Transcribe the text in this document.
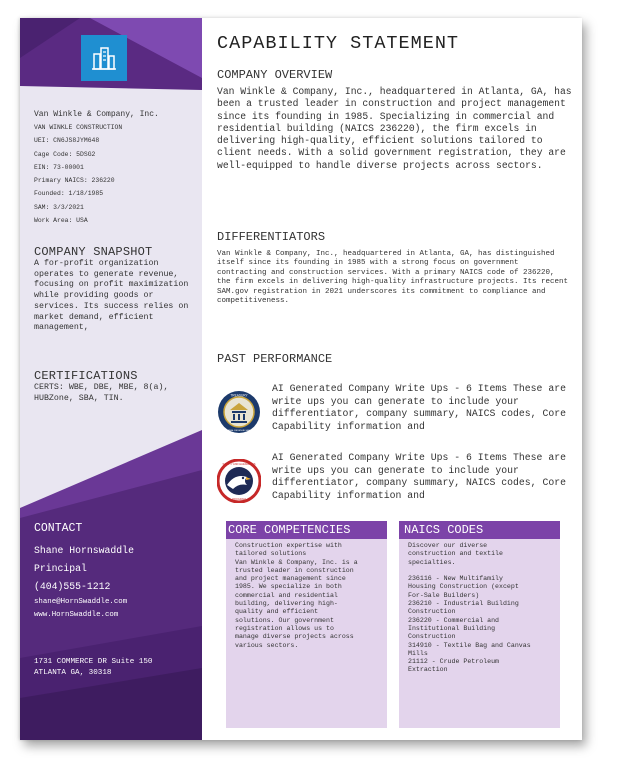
Van Winkle & Company, Inc.
VAN WINKLE CONSTRUCTION
UEI: CN6JS8JYM648
Cage Code: 5DSG2
EIN: 73-00001
Primary NAICS: 236220
Founded: 1/18/1985
SAM: 3/3/2021
Work Area: USA
COMPANY SNAPSHOT
A for-profit organization operates to generate revenue, focusing on profit maximization while providing goods or services. Its success relies on market demand, efficient management,
CERTIFICATIONS
CERTS: WBE, DBE, MBE, 8(a), HUBZone, SBA, TIN.
CONTACT
Shane Hornswaddle
Principal
(404)555-1212
shane@HornSwaddle.com
www.HornSwaddle.com
1731 COMMERCE DR Suite 150
ATLANTA GA, 30318
CAPABILITY STATEMENT
COMPANY OVERVIEW
Van Winkle & Company, Inc., headquartered in Atlanta, GA, has been a trusted leader in construction and project management since its founding in 1985. Specializing in commercial and residential building (NAICS 236220), the firm excels in delivering high-quality, efficient solutions tailored to client needs. With a solid government registration, they are well-equipped to handle diverse projects across sectors.
DIFFERENTIATORS
Van Winkle & Company, Inc., headquartered in Atlanta, GA, has distinguished itself since its founding in 1985 with a strong focus on government contracting and construction services. With a primary NAICS code of 236220, the firm excels in delivering high-quality infrastructure projects. Its recent SAM.gov registration in 2021 underscores its commitment to compliance and competitiveness.
PAST PERFORMANCE
TREASURY
INTERNAL REVENUE SERVICE
AI Generated Company Write Ups - 6 Items These are write ups you can generate to include your differentiator, company summary, NAICS codes, Core Capability information and
SAFETY AND HAZARDOUS
PROGRAM
AI Generated Company Write Ups - 6 Items These are write ups you can generate to include your differentiator, company summary, NAICS codes, Core Capability information and
CORE COMPETENCIES
Construction expertise with
tailored solutions
Van Winkle & Company, Inc. is a
trusted leader in construction
and project management since
1985. We specialize in both
commercial and residential
building, delivering high-
quality and efficient
solutions. Our government
registration allows us to
manage diverse projects across
various sectors.
NAICS CODES
Discover our diverse
construction and textile
specialties.

236116 - New Multifamily
Housing Construction (except
For-Sale Builders)
236210 - Industrial Building
Construction
236220 - Commercial and
Institutional Building
Construction
314910 - Textile Bag and Canvas
Mills
21112 - Crude Petroleum
Extraction
